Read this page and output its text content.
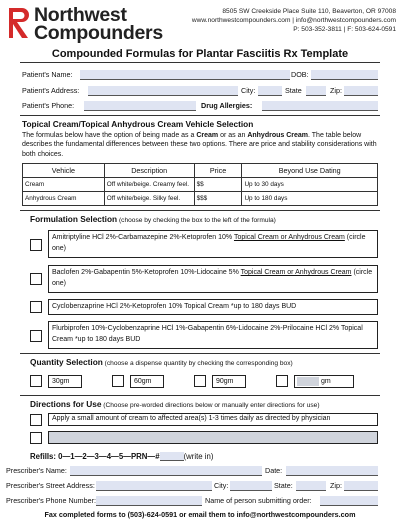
Northwest
Compounders
8505 SW Creekside Place Suite 110, Beaverton, OR 97008
www.northwestcompounders.com | info@northwestcompounders.com
P: 503-352-3811 | F: 503-624-0591
Compounded Formulas for Plantar Fasciitis Rx Template
Patient's Name:	DOB:
Patient's Address:	City:	State	Zip:
Patient's Phone:	Drug Allergies:
Topical Cream/Topical Anhydrous Cream Vehicle Selection
The formulas below have the option of being made as a Cream or as an Anhydrous Cream. The table below describes the fundamental differences between these two options. There are price and stability considerations with both choices.
Vehicle	Description	Price	Beyond Use Dating
Cream	Off white/beige. Creamy feel.	$$	Up to 30 days
Anhydrous Cream	Off white/beige. Silky feel.	$$$	Up to 180 days
Formulation Selection (choose by checking the box to the left of the formula)
Amitriptyline HCl 2%-Carbamazepine 2%-Ketoprofen 10% Topical Cream or Anhydrous Cream (circle one)
Baclofen 2%-Gabapentin 5%-Ketoprofen 10%-Lidocaine 5% Topical Cream or Anhydrous Cream (circle one)
Cyclobenzaprine HCl 2%-Ketoprofen 10% Topical Cream *up to 180 days BUD
Flurbiprofen 10%-Cyclobenzaprine HCl 1%-Gabapentin 6%-Lidocaine 2%-Prilocaine HCl 2% Topical Cream *up to 180 days BUD
Quantity Selection (choose a dispense quantity by checking the corresponding box)
30gm	60gm	90gm	gm
Directions for Use (Choose pre-worded directions below or manually enter directions for use)
Apply a small amount of cream to affected area(s) 1-3 times daily as directed by physician
Refills: 0—1—2—3—4—5—PRN—#	(write in)
Prescriber's Name:	Date:
Prescriber's Street Address:	City:	State:	Zip:
Prescriber's Phone Number:	Name of person submitting order:
Fax completed forms to (503)-624-0591 or email them to info@northwestcompounders.com
